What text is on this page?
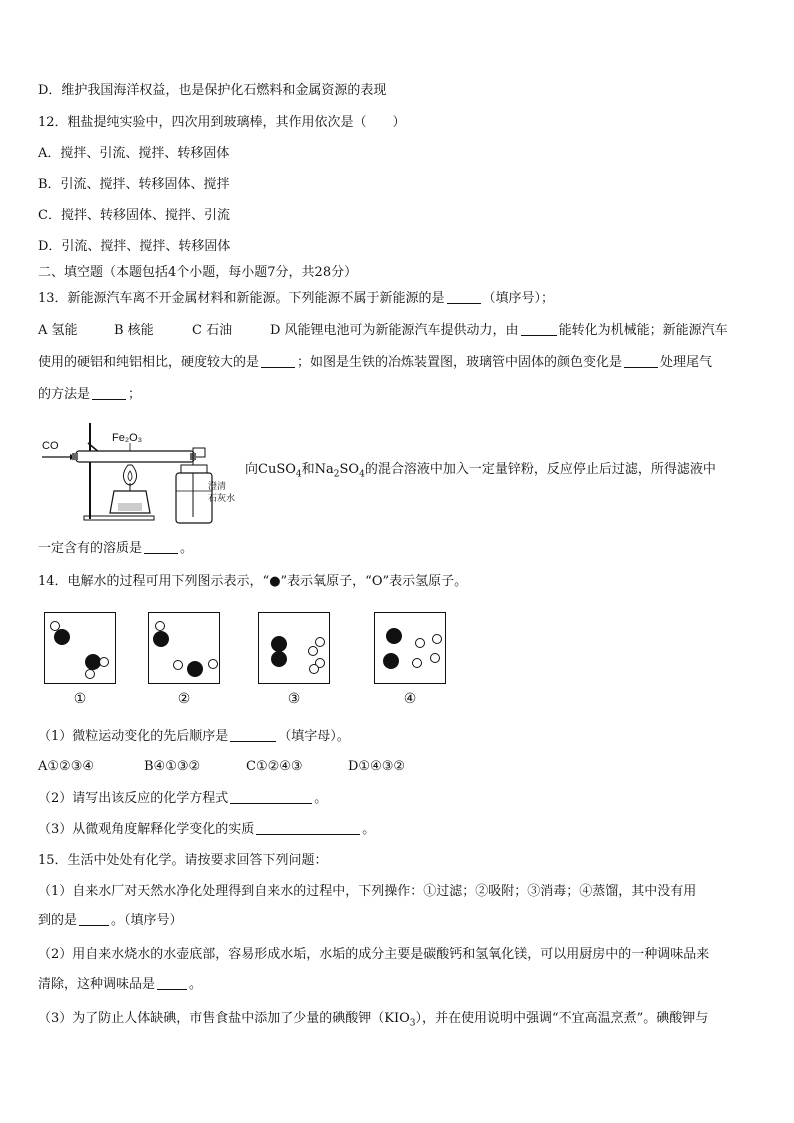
D．维护我国海洋权益，也是保护化石燃料和金属资源的表现
12．粗盐提纯实验中，四次用到玻璃棒，其作用依次是（　　）
A．搅拌、引流、搅拌、转移固体
B．引流、搅拌、转移固体、搅拌
C．搅拌、转移固体、搅拌、引流
D．引流、搅拌、搅拌、转移固体
二、填空题（本题包括4个小题，每小题7分，共28分）
13．新能源汽车离不开金属材料和新能源。下列能源不属于新能源的是	（填序号）；
A 氢能	B 核能	C 石油	D 风能锂电池可为新能源汽车提供动力，由	能转化为机械能；新能源汽车
使用的硬铝和纯铝相比，硬度较大的是	；如图是生铁的冶炼装置图，玻璃管中固体的颜色变化是	处理尾气
的方法是	；
CO
Fe₂O₃
澄清
石灰水
向CuSO$_4$和$Na_2SO_4$的混合溶液中加入一定量锌粉，反应停止后过滤，所得滤液中
一定含有的溶质是	。
14．电解水的过程可用下列图示表示，“●”表示氧原子，“O”表示氢原子。
①	②	③	④
（1）微粒运动变化的先后顺序是	（填字母）。
A①②③④	B④①③②	C①②④③	D①④③②
（2）请写出该反应的化学方程式	。
（3）从微观角度解释化学变化的实质	。
15．生活中处处有化学。请按要求回答下列问题：
（1）自来水厂对天然水净化处理得到自来水的过程中，下列操作：①过滤；②吸附；③消毒；④蒸馏，其中没有用
到的是	。（填序号）
（2）用自来水烧水的水壶底部，容易形成水垢，水垢的成分主要是碳酸钙和氢氧化镁，可以用厨房中的一种调味品来
清除，这种调味品是	。
（3）为了防止人体缺碘，市售食盐中添加了少量的碘酸钾$(KIO_3)$，并在使用说明中强调“不宜高温烹煮”。碘酸钾与
